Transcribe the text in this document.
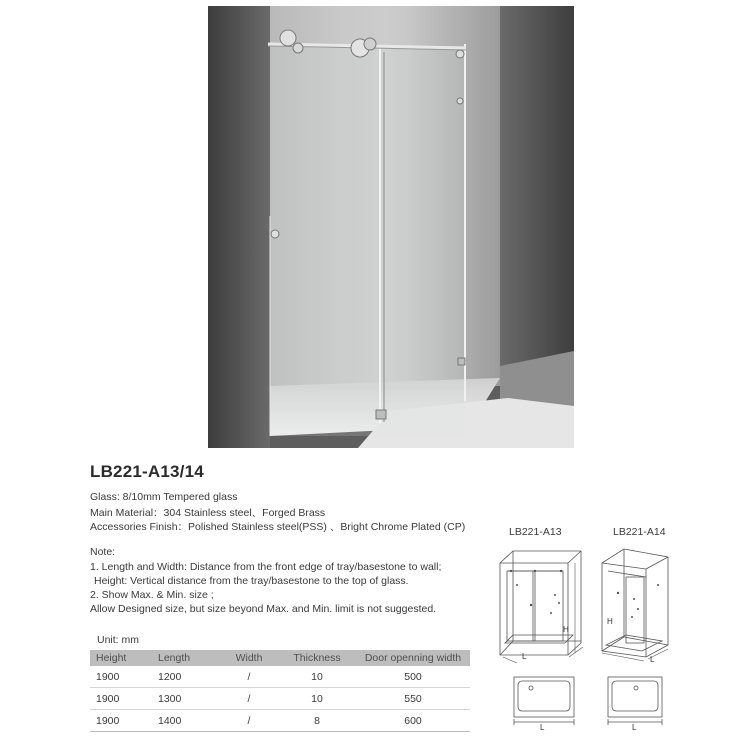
LB221-A13/14
Glass: 8/10mm Tempered glass
Main Material：304 Stainless steel、Forged Brass
Accessories Finish：Polished Stainless steel(PSS) 、Bright Chrome Plated (CP)
Note:
1. Length and Width: Distance from the front edge of tray/basestone to wall;
Height: Vertical distance from the tray/basestone to the top of glass.
2. Show Max. & Min. size ;
Allow Designed size, but size beyond Max. and Min. limit is not suggested.
Unit: mm
Height	Length	Width	Thickness	Door openning width
1900	1200	/	10	500
1900	1300	/	10	550
1900	1400	/	8	600
LB221-A13	LB221-A14
H
L
H
L
L	L
